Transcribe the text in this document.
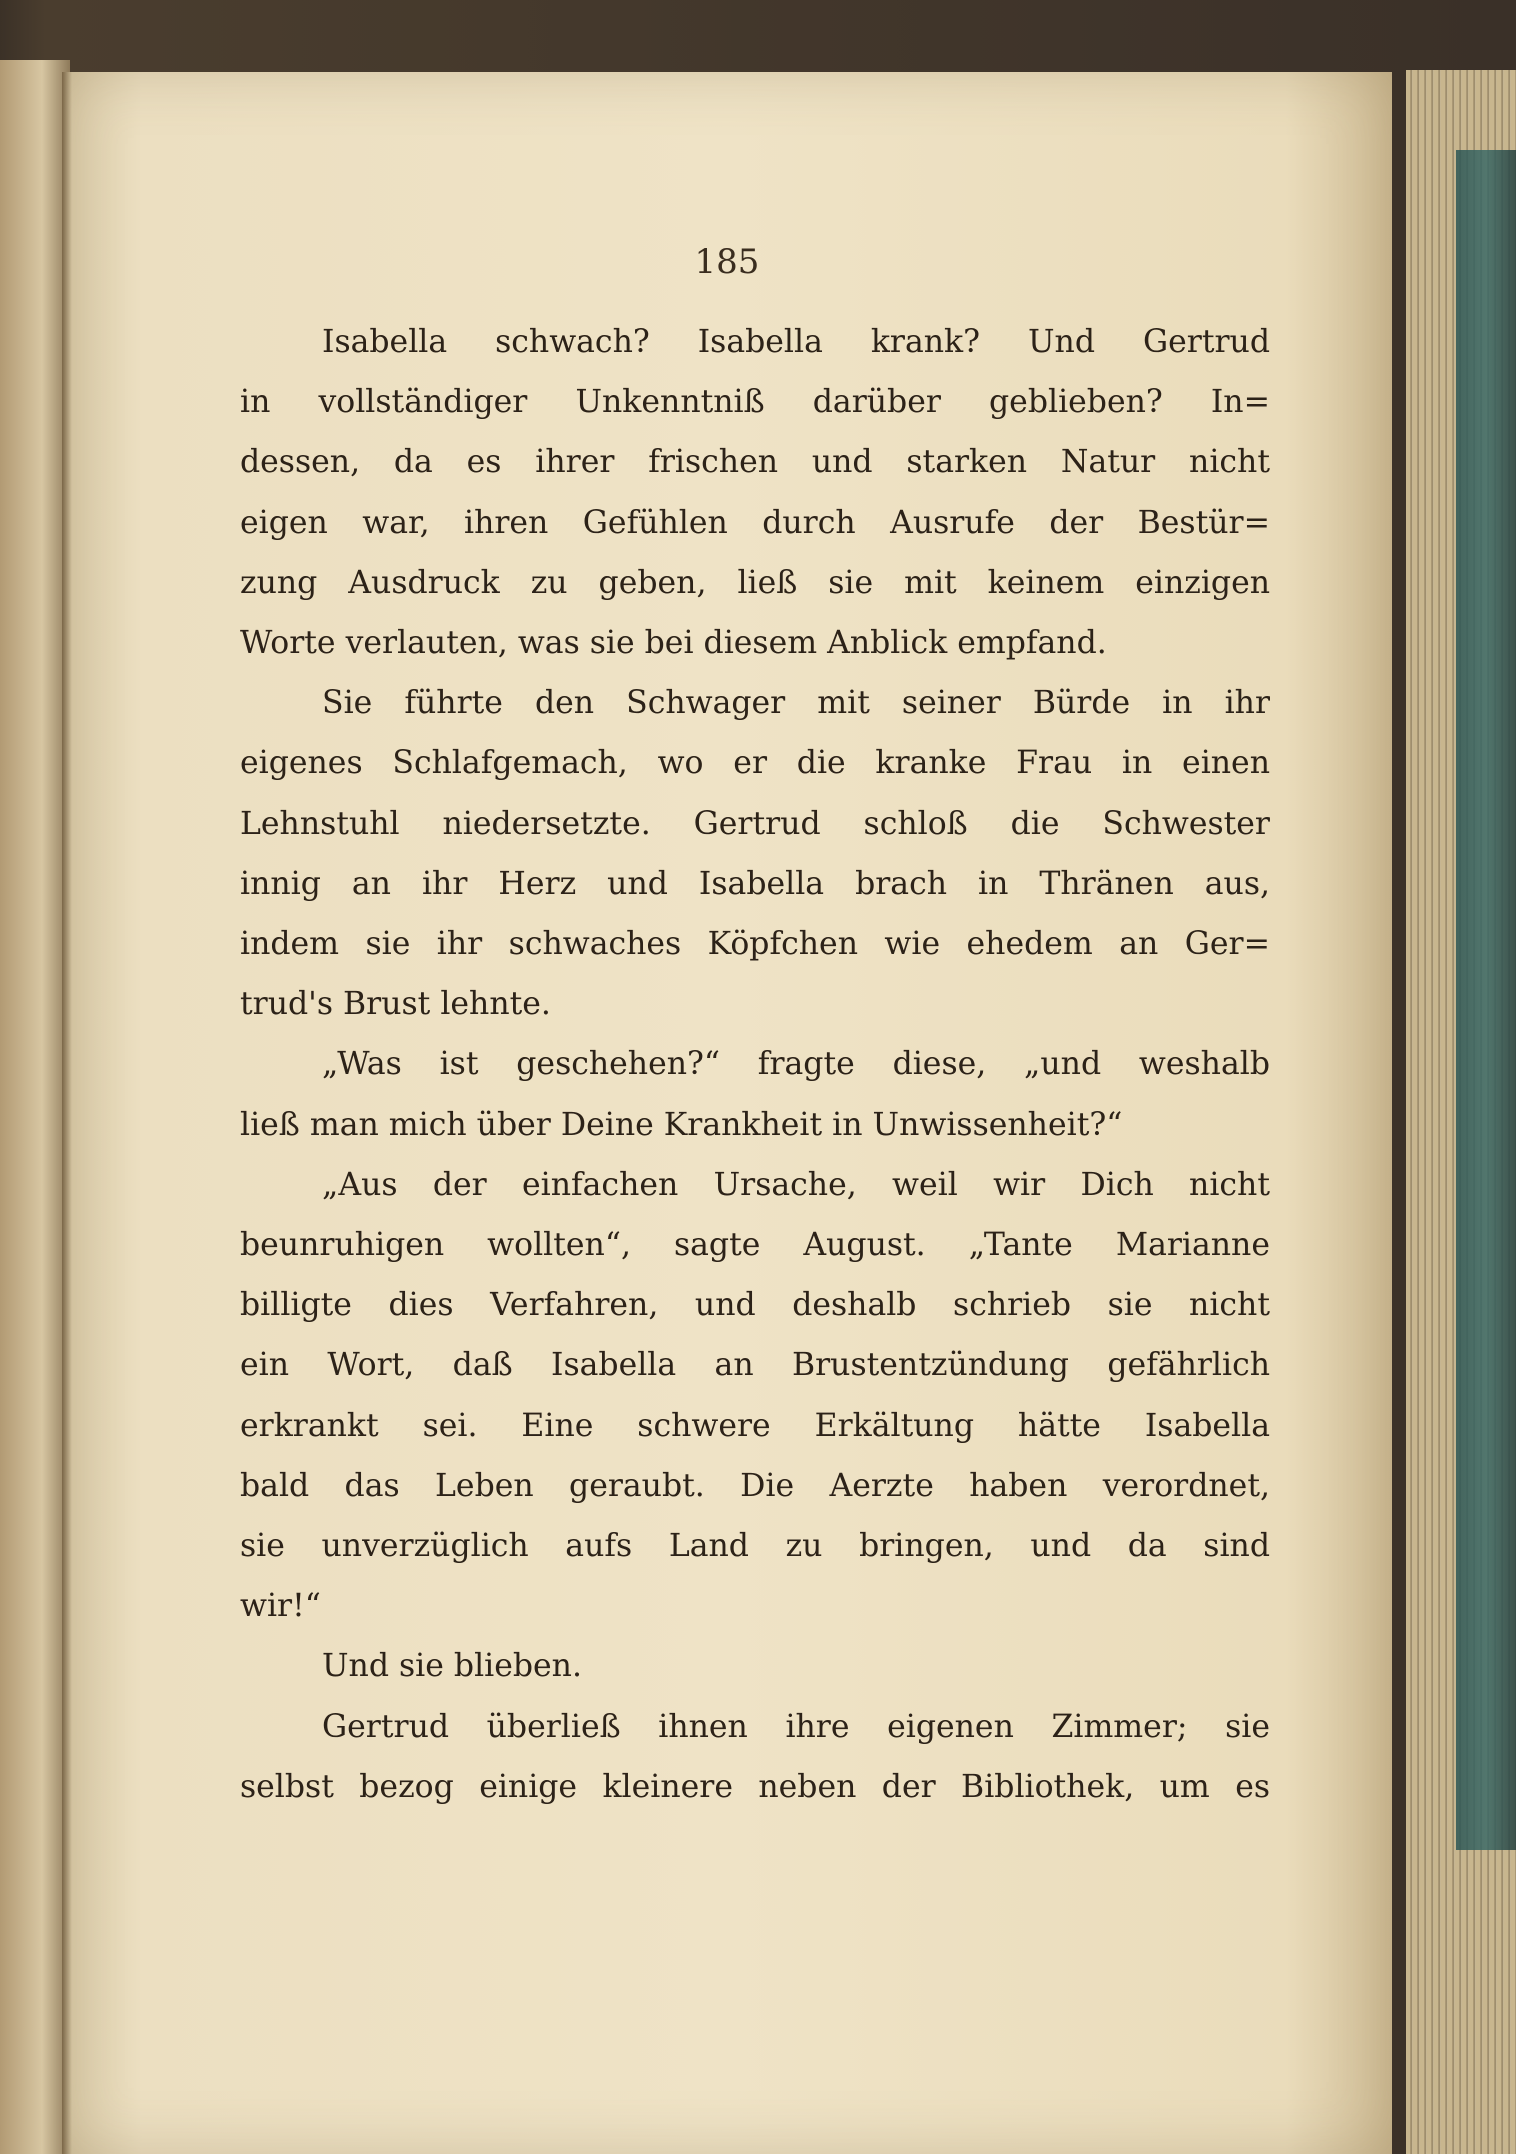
185
Isabella schwach? Isabella krank? Und Gertrud
in vollständiger Unkenntniß darüber geblieben? In=
dessen, da es ihrer frischen und starken Natur nicht
eigen war, ihren Gefühlen durch Ausrufe der Bestür=
zung Ausdruck zu geben, ließ sie mit keinem einzigen
Worte verlauten, was sie bei diesem Anblick empfand.
Sie führte den Schwager mit seiner Bürde in ihr
eigenes Schlafgemach, wo er die kranke Frau in einen
Lehnstuhl niedersetzte. Gertrud schloß die Schwester
innig an ihr Herz und Isabella brach in Thränen aus,
indem sie ihr schwaches Köpfchen wie ehedem an Ger=
trud's Brust lehnte.
„Was ist geschehen?“ fragte diese, „und weshalb
ließ man mich über Deine Krankheit in Unwissenheit?“
„Aus der einfachen Ursache, weil wir Dich nicht
beunruhigen wollten“, sagte August. „Tante Marianne
billigte dies Verfahren, und deshalb schrieb sie nicht
ein Wort, daß Isabella an Brustentzündung gefährlich
erkrankt sei. Eine schwere Erkältung hätte Isabella
bald das Leben geraubt. Die Aerzte haben verordnet,
sie unverzüglich aufs Land zu bringen, und da sind
wir!“
Und sie blieben.
Gertrud überließ ihnen ihre eigenen Zimmer; sie
selbst bezog einige kleinere neben der Bibliothek, um es
